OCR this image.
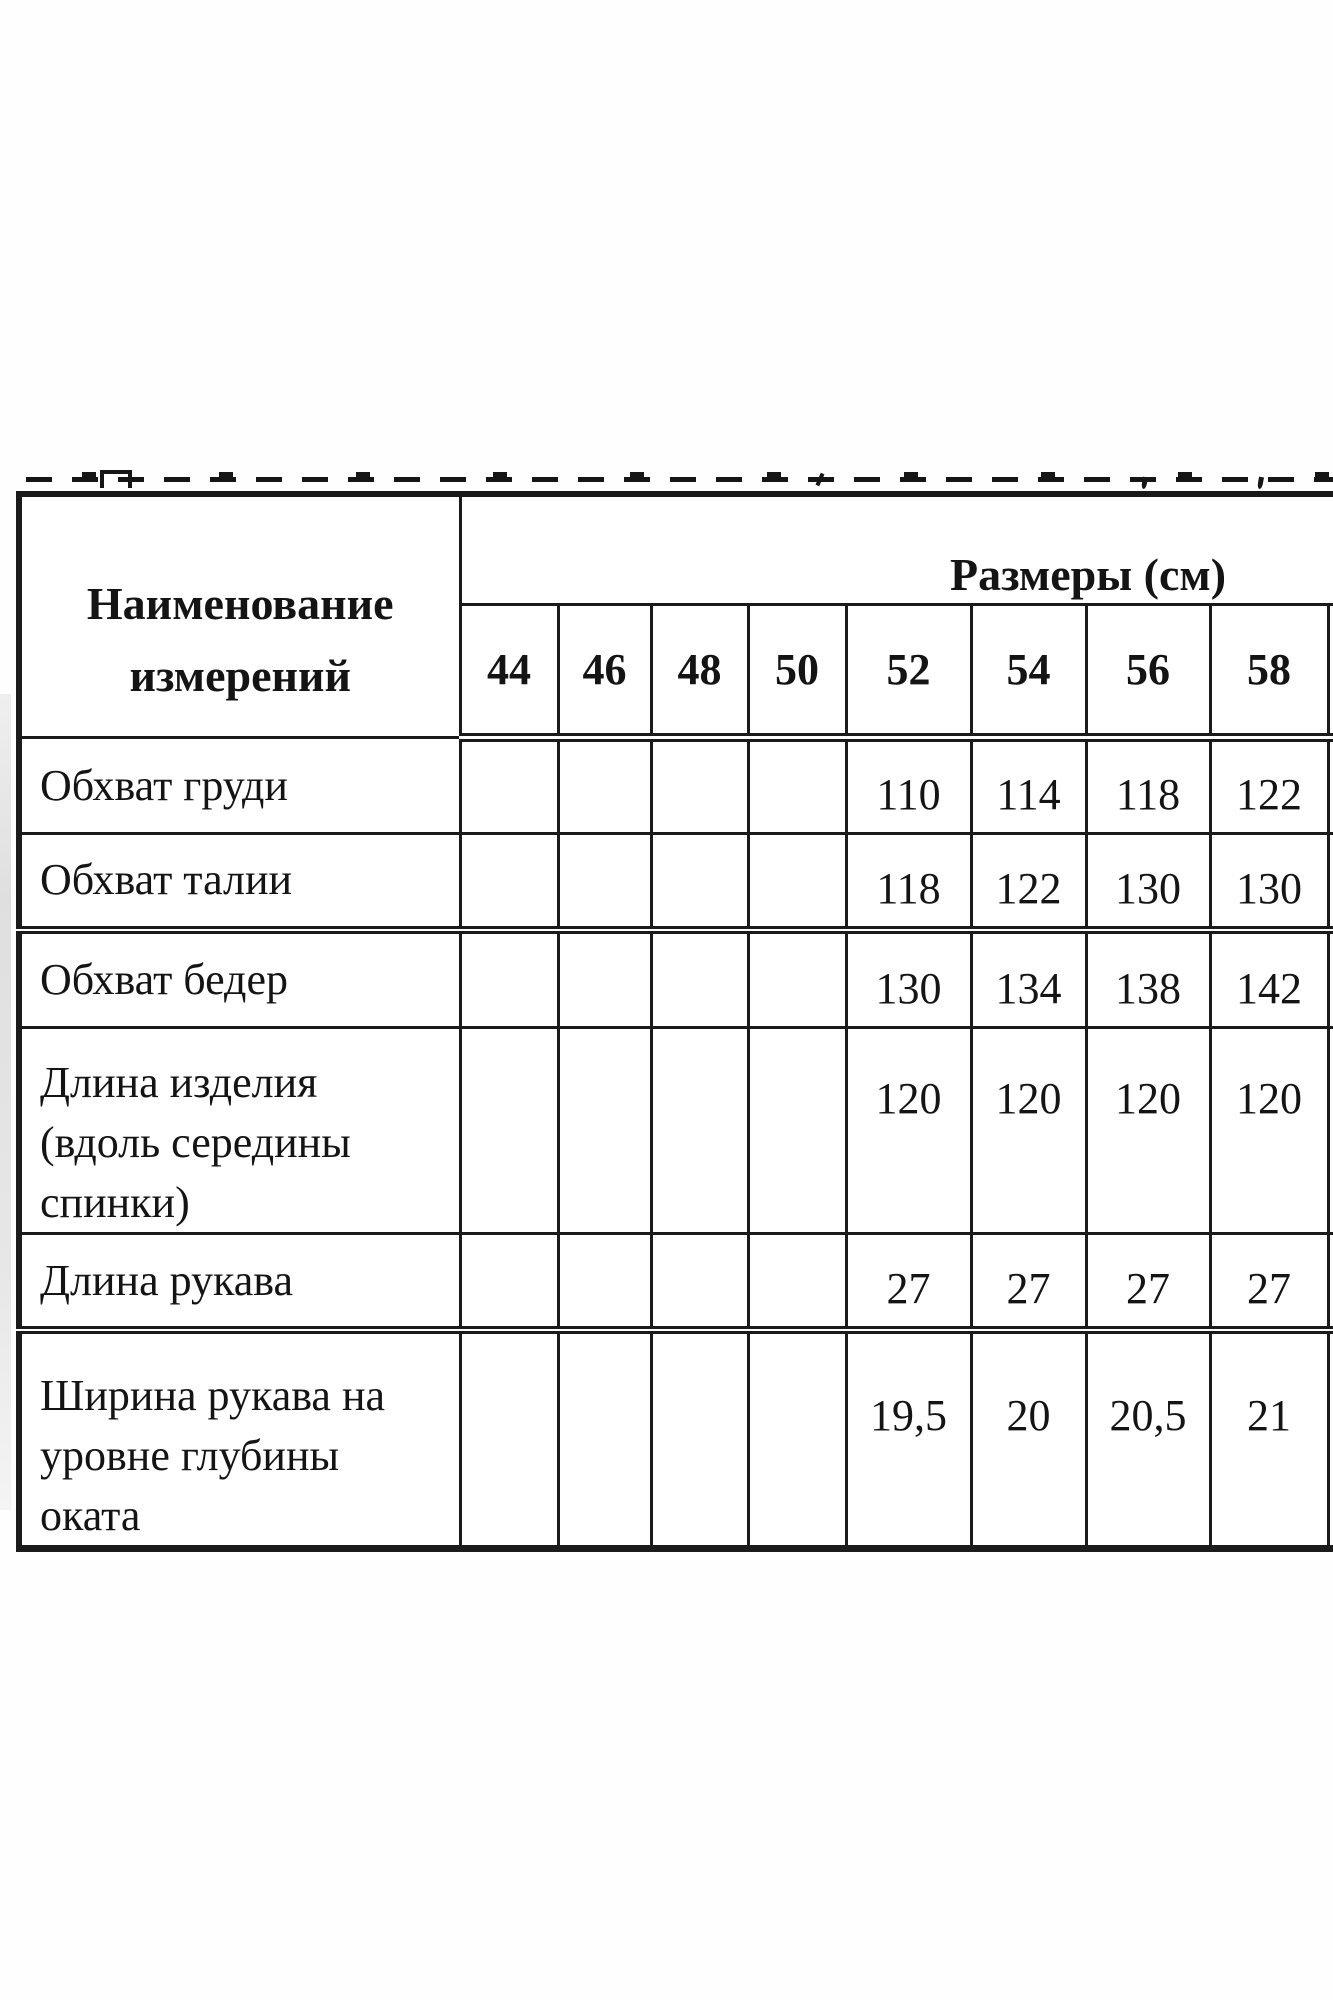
Наименование измерений	Размеры (см)								
	44	46	48	50	52	54	56	58	
Обхват груди					110	114	118	122	
Обхват талии					118	122	130	130	
Обхват бедер					130	134	138	142	
Длина изделия (вдоль середины спинки)					120	120	120	120	
Длина рукава					27	27	27	27	
Ширина рукава на уровне глубины оката					19,5	20	20,5	21	
